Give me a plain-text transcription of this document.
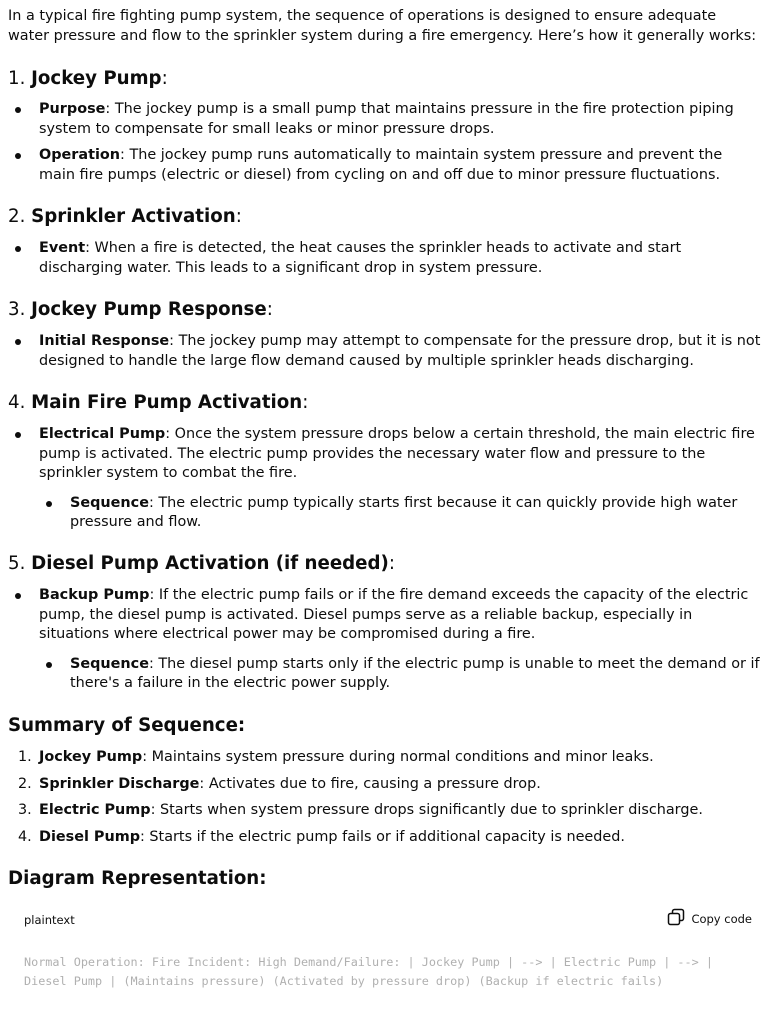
In a typical fire fighting pump system, the sequence of operations is designed to ensure adequate water pressure and flow to the sprinkler system during a fire emergency. Here’s how it generally works:

1. Jockey Pump:
Purpose: The jockey pump is a small pump that maintains pressure in the fire protection piping system to compensate for small leaks or minor pressure drops.
Operation: The jockey pump runs automatically to maintain system pressure and prevent the main fire pumps (electric or diesel) from cycling on and off due to minor pressure fluctuations.
2. Sprinkler Activation:
Event: When a fire is detected, the heat causes the sprinkler heads to activate and start discharging water. This leads to a significant drop in system pressure.
3. Jockey Pump Response:
Initial Response: The jockey pump may attempt to compensate for the pressure drop, but it is not designed to handle the large flow demand caused by multiple sprinkler heads discharging.
4. Main Fire Pump Activation:
Electrical Pump: Once the system pressure drops below a certain threshold, the main electric fire pump is activated. The electric pump provides the necessary water flow and pressure to the sprinkler system to combat the fire.
Sequence: The electric pump typically starts first because it can quickly provide high water pressure and flow.
5. Diesel Pump Activation (if needed):
Backup Pump: If the electric pump fails or if the fire demand exceeds the capacity of the electric pump, the diesel pump is activated. Diesel pumps serve as a reliable backup, especially in situations where electrical power may be compromised during a fire.
Sequence: The diesel pump starts only if the electric pump is unable to meet the demand or if there's a failure in the electric power supply.
Summary of Sequence:
1. Jockey Pump: Maintains system pressure during normal conditions and minor leaks.
2. Sprinkler Discharge: Activates due to fire, causing a pressure drop.
3. Electric Pump: Starts when system pressure drops significantly due to sprinkler discharge.
4. Diesel Pump: Starts if the electric pump fails or if additional capacity is needed.
Diagram Representation:
plaintext	Copy code
Normal Operation: Fire Incident: High Demand/Failure: | Jockey Pump | --> | Electric Pump | --> | Diesel Pump | (Maintains pressure) (Activated by pressure drop) (Backup if electric fails)
